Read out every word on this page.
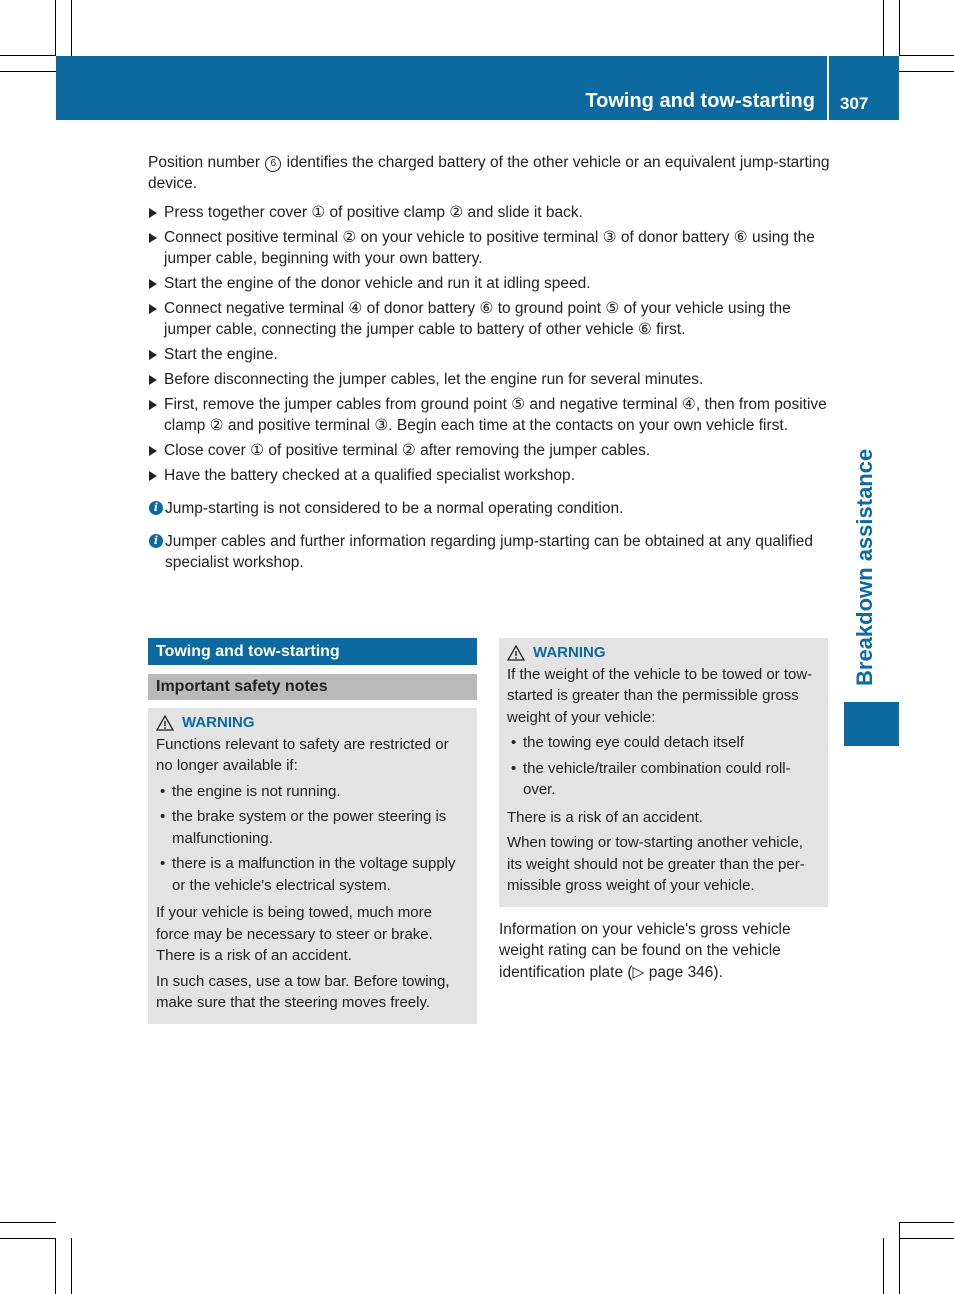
Towing and tow-starting 307
Breakdown assistance

Position number 6 identifies the charged battery of the other vehicle or an equivalent jump-starting device.

Press together cover ① of positive clamp ② and slide it back.
Connect positive terminal ② on your vehicle to positive terminal ③ of donor battery ⑥ using the jumper cable, beginning with your own battery.
Start the engine of the donor vehicle and run it at idling speed.
Connect negative terminal ④ of donor battery ⑥ to ground point ⑤ of your vehicle using the jumper cable, connecting the jumper cable to battery of other vehicle ⑥ first.
Start the engine.
Before disconnecting the jumper cables, let the engine run for several minutes.
First, remove the jumper cables from ground point ⑤ and negative terminal ④, then from positive clamp ② and positive terminal ③. Begin each time at the contacts on your own vehicle first.
Close cover ① of positive terminal ② after removing the jumper cables.
Have the battery checked at a qualified specialist workshop.
i Jump-starting is not considered to be a normal operating condition.
i Jumper cables and further information regarding jump-starting can be obtained at any qualified specialist workshop.
Towing and tow-starting
Important safety notes
WARNING

Functions relevant to safety are restricted or no longer available if:

• the engine is not running.
• the brake system or the power steering is malfunctioning.
• there is a malfunction in the voltage supply or the vehicle's electrical system.

If your vehicle is being towed, much more force may be necessary to steer or brake. There is a risk of an accident.

In such cases, use a tow bar. Before towing, make sure that the steering moves freely.

WARNING

If the weight of the vehicle to be towed or tow-started is greater than the permissible gross weight of your vehicle:

• the towing eye could detach itself
• the vehicle/trailer combination could roll-over.

There is a risk of an accident.

When towing or tow-starting another vehicle, its weight should not be greater than the per-missible gross weight of your vehicle.

Information on your vehicle's gross vehicle weight rating can be found on the vehicle identification plate (▷ page 346).
